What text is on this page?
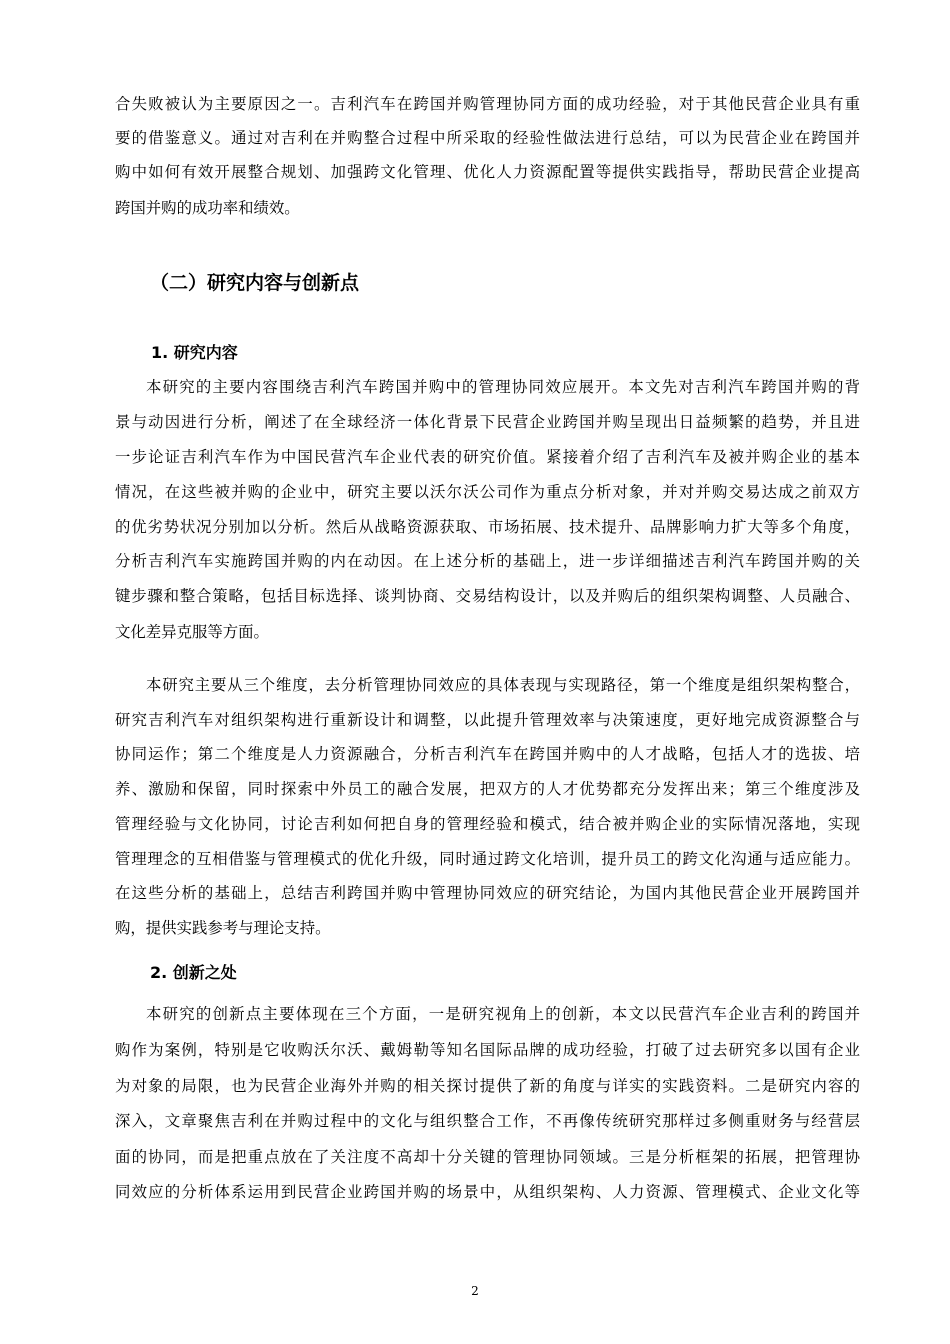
合失败被认为主要原因之一。吉利汽车在跨国并购管理协同方面的成功经验，对于其他民营企业具有重
要的借鉴意义。通过对吉利在并购整合过程中所采取的经验性做法进行总结，可以为民营企业在跨国并
购中如何有效开展整合规划、加强跨文化管理、优化人力资源配置等提供实践指导，帮助民营企业提高
跨国并购的成功率和绩效。
（二）研究内容与创新点
1. 研究内容
本研究的主要内容围绕吉利汽车跨国并购中的管理协同效应展开。本文先对吉利汽车跨国并购的背
景与动因进行分析，阐述了在全球经济一体化背景下民营企业跨国并购呈现出日益频繁的趋势，并且进
一步论证吉利汽车作为中国民营汽车企业代表的研究价值。紧接着介绍了吉利汽车及被并购企业的基本
情况，在这些被并购的企业中，研究主要以沃尔沃公司作为重点分析对象，并对并购交易达成之前双方
的优劣势状况分别加以分析。然后从战略资源获取、市场拓展、技术提升、品牌影响力扩大等多个角度，
分析吉利汽车实施跨国并购的内在动因。在上述分析的基础上，进一步详细描述吉利汽车跨国并购的关
键步骤和整合策略，包括目标选择、谈判协商、交易结构设计，以及并购后的组织架构调整、人员融合、
文化差异克服等方面。
本研究主要从三个维度，去分析管理协同效应的具体表现与实现路径，第一个维度是组织架构整合，
研究吉利汽车对组织架构进行重新设计和调整，以此提升管理效率与决策速度，更好地完成资源整合与
协同运作；第二个维度是人力资源融合，分析吉利汽车在跨国并购中的人才战略，包括人才的选拔、培
养、激励和保留，同时探索中外员工的融合发展，把双方的人才优势都充分发挥出来；第三个维度涉及
管理经验与文化协同，讨论吉利如何把自身的管理经验和模式，结合被并购企业的实际情况落地，实现
管理理念的互相借鉴与管理模式的优化升级，同时通过跨文化培训，提升员工的跨文化沟通与适应能力。
在这些分析的基础上，总结吉利跨国并购中管理协同效应的研究结论，为国内其他民营企业开展跨国并
购，提供实践参考与理论支持。
2. 创新之处
本研究的创新点主要体现在三个方面，一是研究视角上的创新，本文以民营汽车企业吉利的跨国并
购作为案例，特别是它收购沃尔沃、戴姆勒等知名国际品牌的成功经验，打破了过去研究多以国有企业
为对象的局限，也为民营企业海外并购的相关探讨提供了新的角度与详实的实践资料。二是研究内容的
深入，文章聚焦吉利在并购过程中的文化与组织整合工作，不再像传统研究那样过多侧重财务与经营层
面的协同，而是把重点放在了关注度不高却十分关键的管理协同领域。三是分析框架的拓展，把管理协
同效应的分析体系运用到民营企业跨国并购的场景中，从组织架构、人力资源、管理模式、企业文化等
2
